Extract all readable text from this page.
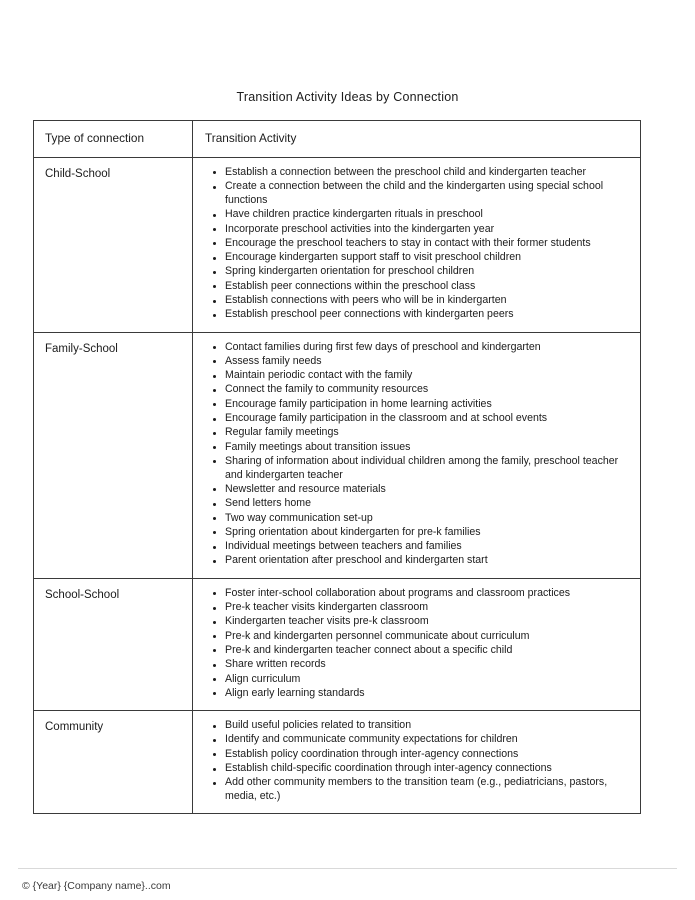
Transition Activity Ideas by Connection
Type of connection	Transition Activity
Child-School	Establish a connection between the preschool child and kindergarten teacher
Create a connection between the child and the kindergarten using special school functions
Have children practice kindergarten rituals in preschool
Incorporate preschool activities into the kindergarten year
Encourage the preschool teachers to stay in contact with their former students
Encourage kindergarten support staff to visit preschool children
Spring kindergarten orientation for preschool children
Establish peer connections within the preschool class
Establish connections with peers who will be in kindergarten
Establish preschool peer connections with kindergarten peers
Family-School	Contact families during first few days of preschool and kindergarten
Assess family needs
Maintain periodic contact with the family
Connect the family to community resources
Encourage family participation in home learning activities
Encourage family participation in the classroom and at school events
Regular family meetings
Family meetings about transition issues
Sharing of information about individual children among the family, preschool teacher and kindergarten teacher
Newsletter and resource materials
Send letters home
Two way communication set-up
Spring orientation about kindergarten for pre-k families
Individual meetings between teachers and families
Parent orientation after preschool and kindergarten start
School-School	Foster inter-school collaboration about programs and classroom practices
Pre-k teacher visits kindergarten classroom
Kindergarten teacher visits pre-k classroom
Pre-k and kindergarten personnel communicate about curriculum
Pre-k and kindergarten teacher connect about a specific child
Share written records
Align curriculum
Align early learning standards
Community	Build useful policies related to transition
Identify and communicate community expectations for children
Establish policy coordination through inter-agency connections
Establish child-specific coordination through inter-agency connections
Add other community members to the transition team (e.g., pediatricians, pastors, media, etc.)
© {Year} {Company name}..com
